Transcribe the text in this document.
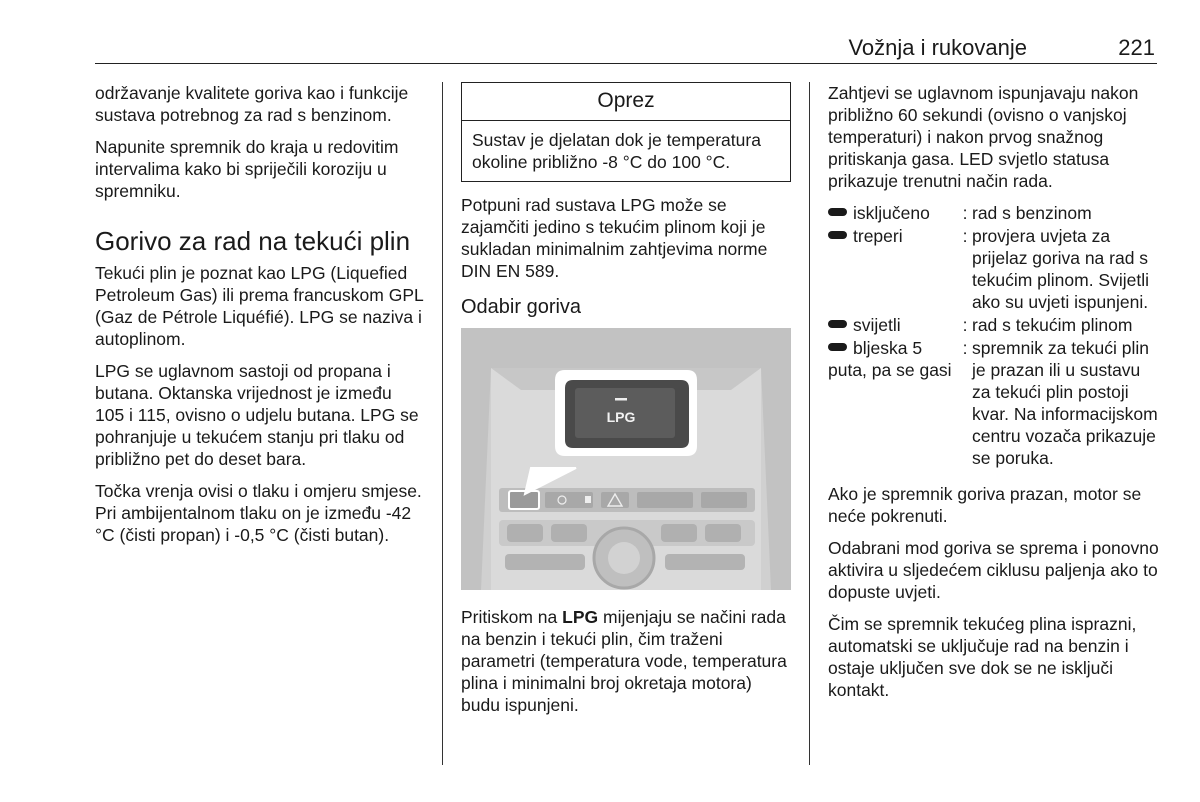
Vožnja i rukovanje	221

održavanje kvalitete goriva kao i funkcije sustava potrebnog za rad s benzinom.

Napunite spremnik do kraja u redovitim intervalima kako bi spriječili koroziju u spremniku.

Gorivo za rad na tekući plin

Tekući plin je poznat kao LPG (Liquefied Petroleum Gas) ili prema francuskom GPL (Gaz de Pétrole Liquéfié). LPG se naziva i autoplinom.

LPG se uglavnom sastoji od propana i butana. Oktanska vrijednost je između 105 i 115, ovisno o udjelu butana. LPG se pohranjuje u tekućem stanju pri tlaku od približno pet do deset bara.

Točka vrenja ovisi o tlaku i omjeru smjese. Pri ambijentalnom tlaku on je između -42 °C (čisti propan) i -0,5 °C (čisti butan).

Oprez
Sustav je djelatan dok je temperatura okoline približno -8 °C do 100 °C.

Potpuni rad sustava LPG može se zajamčiti jedino s tekućim plinom koji je sukladan minimalnim zahtjevima norme DIN EN 589.

Odabir goriva
LPG

Pritiskom na LPG mijenjaju se načini rada na benzin i tekući plin, čim traženi parametri (temperatura vode, temperatura plina i minimalni broj okretaja motora) budu ispunjeni.

Zahtjevi se uglavnom ispunjavaju nakon približno 60 sekundi (ovisno o vanjskoj temperaturi) i nakon prvog snažnog pritiskanja gasa. LED svjetlo statusa prikazuje trenutni način rada.

isključeno	: rad s benzinom
treperi	: provjera uvjeta za prijelaz goriva na rad s tekućim plinom. Svijetli ako su uvjeti ispunjeni.
svijetli	: rad s tekućim plinom
bljeska 5 puta, pa se gasi
: spremnik za tekući plin je prazan ili u sustavu za tekući plin postoji kvar. Na informacijskom centru vozača prikazuje se poruka.

Ako je spremnik goriva prazan, motor se neće pokrenuti.

Odabrani mod goriva se sprema i ponovno aktivira u sljedećem ciklusu paljenja ako to dopuste uvjeti.

Čim se spremnik tekućeg plina isprazni, automatski se uključuje rad na benzin i ostaje uključen sve dok se ne isključi kontakt.
